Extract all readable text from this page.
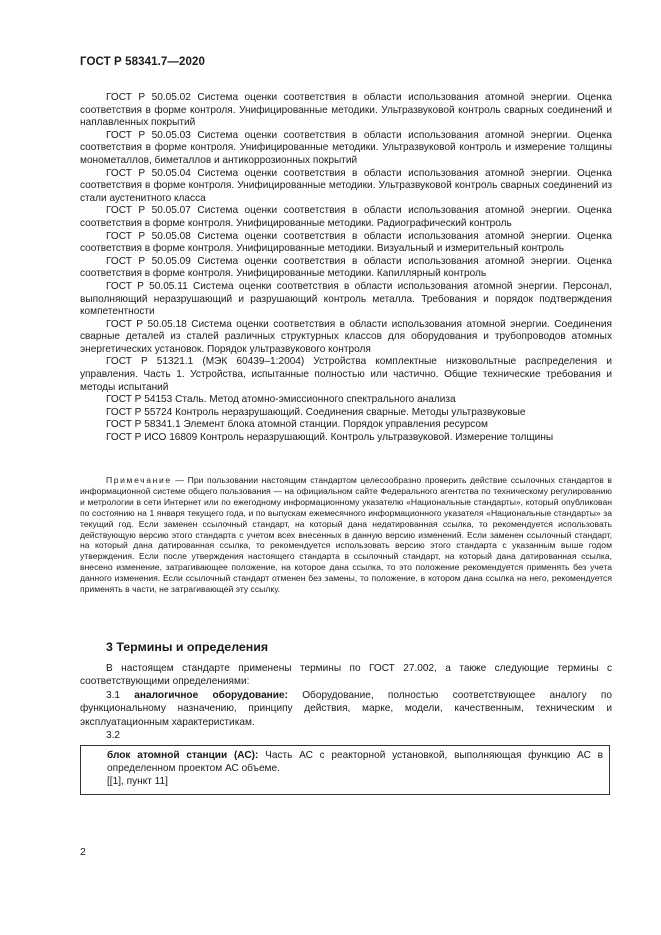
ГОСТ Р 58341.7—2020

ГОСТ Р 50.05.02 Система оценки соответствия в области использования атомной энергии. Оценка соответствия в форме контроля. Унифицированные методики. Ультразвуковой контроль сварных соединений и наплавленных покрытий

ГОСТ Р 50.05.03 Система оценки соответствия в области использования атомной энергии. Оценка соответствия в форме контроля. Унифицированные методики. Ультразвуковой контроль и измерение толщины монометаллов, биметаллов и антикоррозионных покрытий

ГОСТ Р 50.05.04 Система оценки соответствия в области использования атомной энергии. Оценка соответствия в форме контроля. Унифицированные методики. Ультразвуковой контроль сварных соединений из стали аустенитного класса

ГОСТ Р 50.05.07 Система оценки соответствия в области использования атомной энергии. Оценка соответствия в форме контроля. Унифицированные методики. Радиографический контроль

ГОСТ Р 50.05.08 Система оценки соответствия в области использования атомной энергии. Оценка соответствия в форме контроля. Унифицированные методики. Визуальный и измерительный контроль

ГОСТ Р 50.05.09 Система оценки соответствия в области использования атомной энергии. Оценка соответствия в форме контроля. Унифицированные методики. Капиллярный контроль

ГОСТ Р 50.05.11 Система оценки соответствия в области использования атомной энергии. Персонал, выполняющий неразрушающий и разрушающий контроль металла. Требования и порядок подтверждения компетентности

ГОСТ Р 50.05.18 Система оценки соответствия в области использования атомной энергии. Соединения сварные деталей из сталей различных структурных классов для оборудования и трубопроводов атомных энергетических установок. Порядок ультразвукового контроля

ГОСТ Р 51321.1 (МЭК 60439–1:2004) Устройства комплектные низковольтные распределения и управления. Часть 1. Устройства, испытанные полностью или частично. Общие технические требования и методы испытаний

ГОСТ Р 54153 Сталь. Метод атомно-эмиссионного спектрального анализа

ГОСТ Р 55724 Контроль неразрушающий. Соединения сварные. Методы ультразвуковые

ГОСТ Р 58341.1 Элемент блока атомной станции. Порядок управления ресурсом

ГОСТ Р ИСО 16809 Контроль неразрушающий. Контроль ультразвуковой. Измерение толщины

Примечание — При пользовании настоящим стандартом целесообразно проверить действие ссылочных стандартов в информационной системе общего пользования — на официальном сайте Федерального агентства по техническому регулированию и метрологии в сети Интернет или по ежегодному информационному указателю «Национальные стандарты», который опубликован по состоянию на 1 января текущего года, и по выпускам ежемесячного информационного указателя «Национальные стандарты» за текущий год. Если заменен ссылочный стандарт, на который дана недатированная ссылка, то рекомендуется использовать действующую версию этого стандарта с учетом всех внесенных в данную версию изменений. Если заменен ссылочный стандарт, на который дана датированная ссылка, то рекомендуется использовать версию этого стандарта с указанным выше годом утверждения. Если после утверждения настоящего стандарта в ссылочный стандарт, на который дана датированная ссылка, внесено изменение, затрагивающее положение, на которое дана ссылка, то это положение рекомендуется применять без учета данного изменения. Если ссылочный стандарт отменен без замены, то положение, в котором дана ссылка на него, рекомендуется применять в части, не затрагивающей эту ссылку.

3 Термины и определения

В настоящем стандарте применены термины по ГОСТ 27.002, а также следующие термины с соответствующими определениями:

3.1 аналогичное оборудование: Оборудование, полностью соответствующее аналогу по функциональному назначению, принципу действия, марке, модели, качественным, техническим и эксплуатационным характеристикам.

3.2

блок атомной станции (АС): Часть АС с реакторной установкой, выполняющая функцию АС в определенном проектом АС объеме.

[[1], пункт 11]

2
